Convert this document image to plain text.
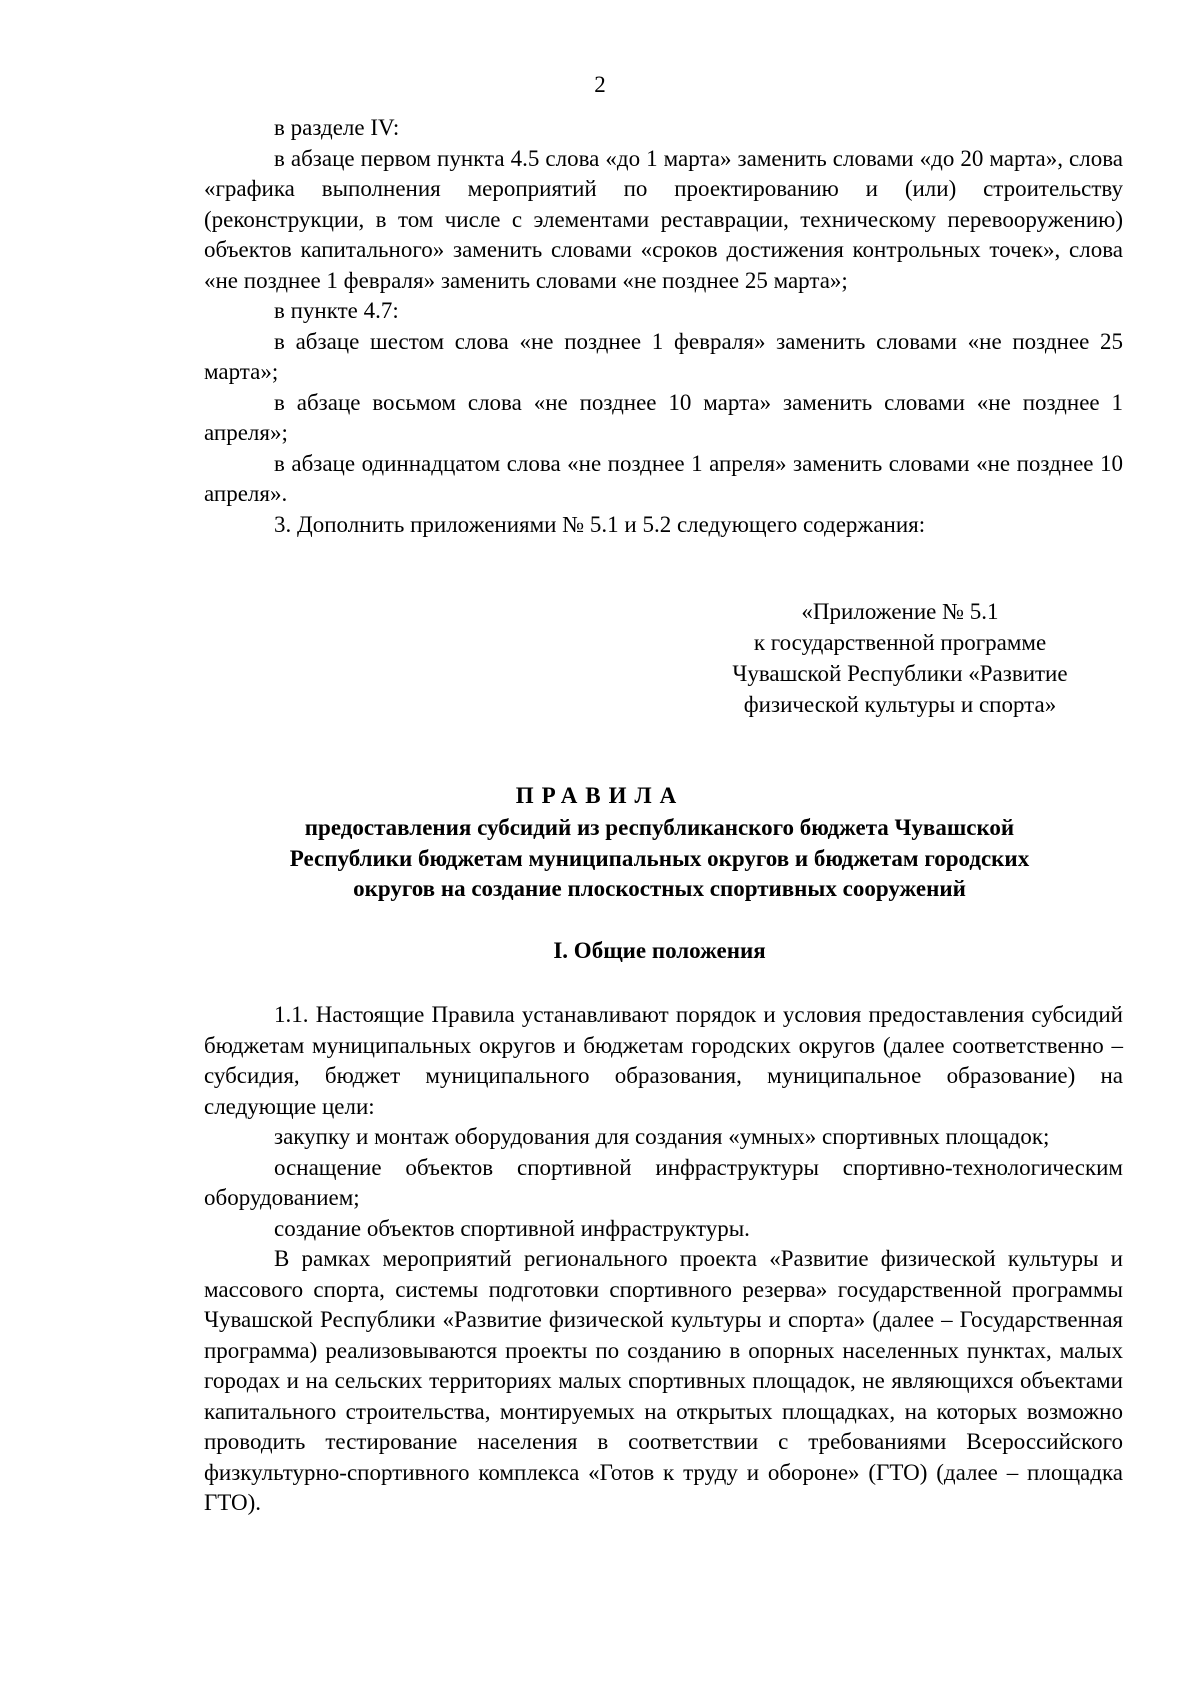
2

в разделе IV:

в абзаце первом пункта 4.5 слова «до 1 марта» заменить словами «до 20 марта», слова «графика выполнения мероприятий по проектированию и (или) строительству (реконструкции, в том числе с элементами реставрации, техническому перевооружению) объектов капитального» заменить словами «сроков достижения контрольных точек», слова «не позднее 1 февраля» заменить словами «не позднее 25 марта»;

в пункте 4.7:

в абзаце шестом слова «не позднее 1 февраля» заменить словами «не позднее 25 марта»;

в абзаце восьмом слова «не позднее 10 марта» заменить словами «не позднее 1 апреля»;

в абзаце одиннадцатом слова «не позднее 1 апреля» заменить словами «не позднее 10 апреля».

3. Дополнить приложениями № 5.1 и 5.2 следующего содержания:

«Приложение № 5.1
к государственной программе
Чувашской Республики «Развитие
физической культуры и спорта»
ПРАВИЛА
предоставления субсидий из республиканского бюджета Чувашской
Республики бюджетам муниципальных округов и бюджетам городских
округов на создание плоскостных спортивных сооружений
I. Общие положения

1.1. Настоящие Правила устанавливают порядок и условия предоставления субсидий бюджетам муниципальных округов и бюджетам городских округов (далее соответственно – субсидия, бюджет муниципального образования, муниципальное образование) на следующие цели:

закупку и монтаж оборудования для создания «умных» спортивных площадок;

оснащение объектов спортивной инфраструктуры спортивно-технологическим оборудованием;

создание объектов спортивной инфраструктуры.

В рамках мероприятий регионального проекта «Развитие физической культуры и массового спорта, системы подготовки спортивного резерва» государственной программы Чувашской Республики «Развитие физической культуры и спорта» (далее – Государственная программа) реализовываются проекты по созданию в опорных населенных пунктах, малых городах и на сельских территориях малых спортивных площадок, не являющихся объектами капитального строительства, монтируемых на открытых площадках, на которых возможно проводить тестирование населения в соответствии с требованиями Всероссийского физкультурно-спортивного комплекса «Готов к труду и обороне» (ГТО) (далее – площадка ГТО).
